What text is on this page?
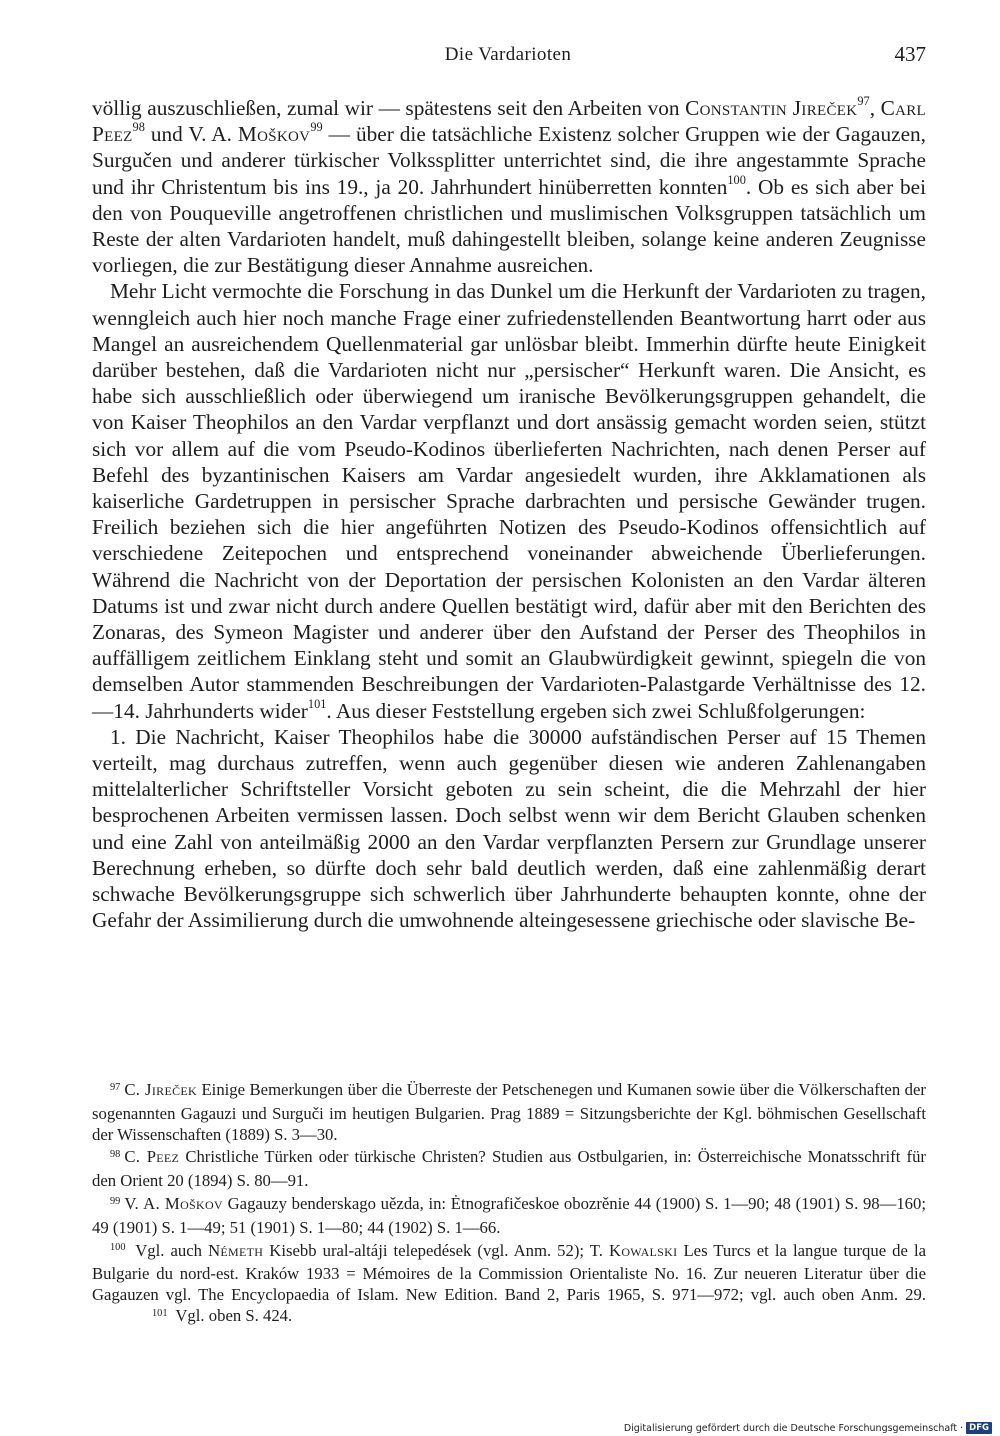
Die Vardarioten	437

völlig auszuschließen, zumal wir — spätestens seit den Arbeiten von Constantin Jireček$^{97}$, Carl Peez$^{98}$ und V. A. Moškov$^{99}$ — über die tatsächliche Existenz solcher Gruppen wie der Gagauzen, Surgučen und anderer türkischer Volkssplitter unterrichtet sind, die ihre angestammte Sprache und ihr Christentum bis ins 19., ja 20. Jahrhundert hinüberretten konnten$^{100}$. Ob es sich aber bei den von Pouqueville angetroffenen christlichen und muslimischen Volksgruppen tatsächlich um Reste der alten Vardarioten handelt, muß dahingestellt bleiben, solange keine anderen Zeugnisse vorliegen, die zur Bestätigung dieser Annahme ausreichen.

Mehr Licht vermochte die Forschung in das Dunkel um die Herkunft der Vardarioten zu tragen, wenngleich auch hier noch manche Frage einer zufriedenstellenden Beantwortung harrt oder aus Mangel an ausreichendem Quellenmaterial gar unlösbar bleibt. Immerhin dürfte heute Einigkeit darüber bestehen, daß die Vardarioten nicht nur „persischer“ Herkunft waren. Die Ansicht, es habe sich ausschließlich oder überwiegend um iranische Bevölkerungsgruppen gehandelt, die von Kaiser Theophilos an den Vardar verpflanzt und dort ansässig gemacht worden seien, stützt sich vor allem auf die vom Pseudo-Kodinos überlieferten Nachrichten, nach denen Perser auf Befehl des byzantinischen Kaisers am Vardar angesiedelt wurden, ihre Akklamationen als kaiserliche Gardetruppen in persischer Sprache darbrachten und persische Gewänder trugen. Freilich beziehen sich die hier angeführten Notizen des Pseudo-Kodinos offensichtlich auf verschiedene Zeitepochen und entsprechend voneinander abweichende Überlieferungen. Während die Nachricht von der Deportation der persischen Kolonisten an den Vardar älteren Datums ist und zwar nicht durch andere Quellen bestätigt wird, dafür aber mit den Berichten des Zonaras, des Symeon Magister und anderer über den Aufstand der Perser des Theophilos in auffälligem zeitlichem Einklang steht und somit an Glaubwürdigkeit gewinnt, spiegeln die von demselben Autor stammenden Beschreibungen der Vardarioten-Palastgarde Verhältnisse des 12.—14. Jahrhunderts wider$^{101}$. Aus dieser Feststellung ergeben sich zwei Schlußfolgerungen:

1. Die Nachricht, Kaiser Theophilos habe die 30000 aufständischen Perser auf 15 Themen verteilt, mag durchaus zutreffen, wenn auch gegenüber diesen wie anderen Zahlenangaben mittelalterlicher Schriftsteller Vorsicht geboten zu sein scheint, die die Mehrzahl der hier besprochenen Arbeiten vermissen lassen. Doch selbst wenn wir dem Bericht Glauben schenken und eine Zahl von anteilmäßig 2000 an den Vardar verpflanzten Persern zur Grundlage unserer Berechnung erheben, so dürfte doch sehr bald deutlich werden, daß eine zahlenmäßig derart schwache Bevölkerungsgruppe sich schwerlich über Jahrhunderte behaupten konnte, ohne der Gefahr der Assimilierung durch die umwohnende alteingesessene griechische oder slavische Be-

$^{97}$ C. Jireček Einige Bemerkungen über die Überreste der Petschenegen und Kumanen sowie über die Völkerschaften der sogenannten Gagauzi und Surguči im heutigen Bulgarien. Prag 1889 = Sitzungsberichte der Kgl. böhmischen Gesellschaft der Wissenschaften (1889) S. 3—30.

$^{98}$ C. Peez Christliche Türken oder türkische Christen? Studien aus Ostbulgarien, in: Österreichische Monatsschrift für den Orient 20 (1894) S. 80—91.

$^{99}$ V. A. Moškov Gagauzy benderskago uězda, in: Ėtnografičeskoe obozrěnie 44 (1900) S. 1—90; 48 (1901) S. 98—160; 49 (1901) S. 1—49; 51 (1901) S. 1—80; 44 (1902) S. 1—66.

$^{100}$ Vgl. auch Németh Kisebb ural-altáji telepedések (vgl. Anm. 52); T. Kowalski Les Turcs et la langue turque de la Bulgarie du nord-est. Kraków 1933 = Mémoires de la Commission Orientaliste No. 16. Zur neueren Literatur über die Gagauzen vgl. The Encyclopaedia of Islam. New Edition. Band 2, Paris 1965, S. 971—972; vgl. auch oben Anm. 29. $^{101}$ Vgl. oben S. 424.

Digitalisierung gefördert durch die Deutsche Forschungsgemeinschaft · DFG
